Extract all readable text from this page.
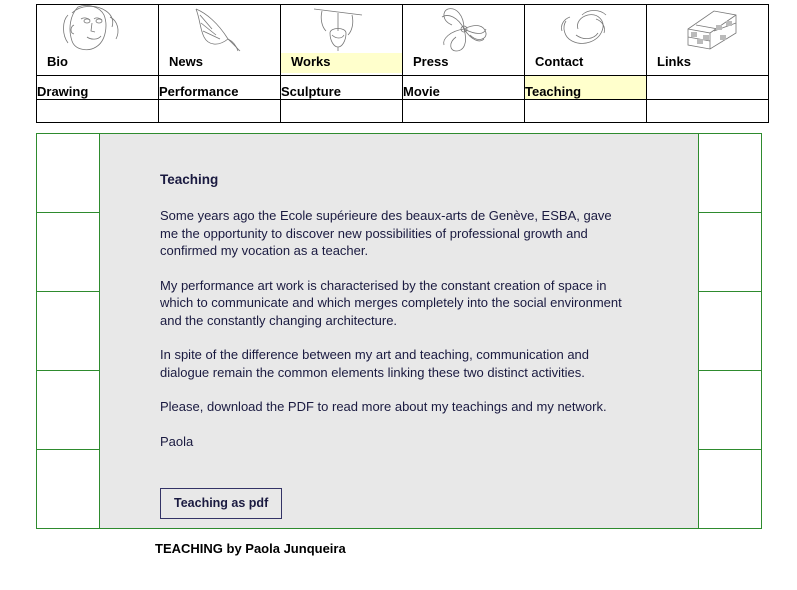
Bio	News	Works	Press	Contact	Links

Drawing	Performance	Sculpture	Movie	Teaching	

Teaching

Some years ago the Ecole supérieure des beaux-arts de Genève, ESBA, gave me the opportunity to discover new possibilities of professional growth and confirmed my vocation as a teacher.

My performance art work is characterised by the constant creation of space in which to communicate and which merges completely into the social environment and the constantly changing architecture.

In spite of the difference between my art and teaching, communication and dialogue remain the common elements linking these two distinct activities.

Please, download the PDF to read more about my teachings and my network.

Paola

Teaching as pdf
TEACHING by Paola Junqueira
